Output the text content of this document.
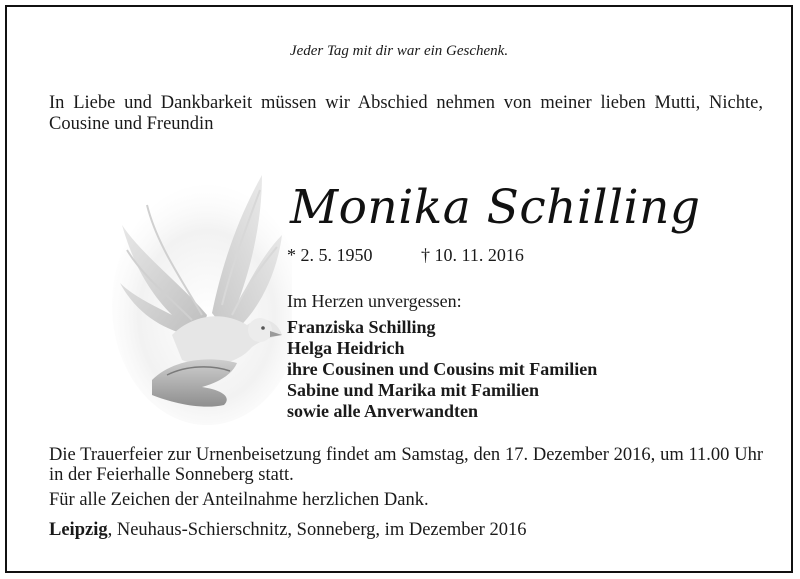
Jeder Tag mit dir war ein Geschenk.
In Liebe und Dankbarkeit müssen wir Abschied nehmen von meiner lieben Mutti, Nichte, Cousine und Freundin
Monika Schilling
* 2. 5. 1950	† 10. 11. 2016
Im Herzen unvergessen:
Franziska Schilling
Helga Heidrich
ihre Cousinen und Cousins mit Familien
Sabine und Marika mit Familien
sowie alle Anverwandten
Die Trauerfeier zur Urnenbeisetzung findet am Samstag, den 17. Dezember 2016, um 11.00 Uhr in der Feierhalle Sonneberg statt.
Für alle Zeichen der Anteilnahme herzlichen Dank.
Leipzig, Neuhaus-Schierschnitz, Sonneberg, im Dezember 2016
